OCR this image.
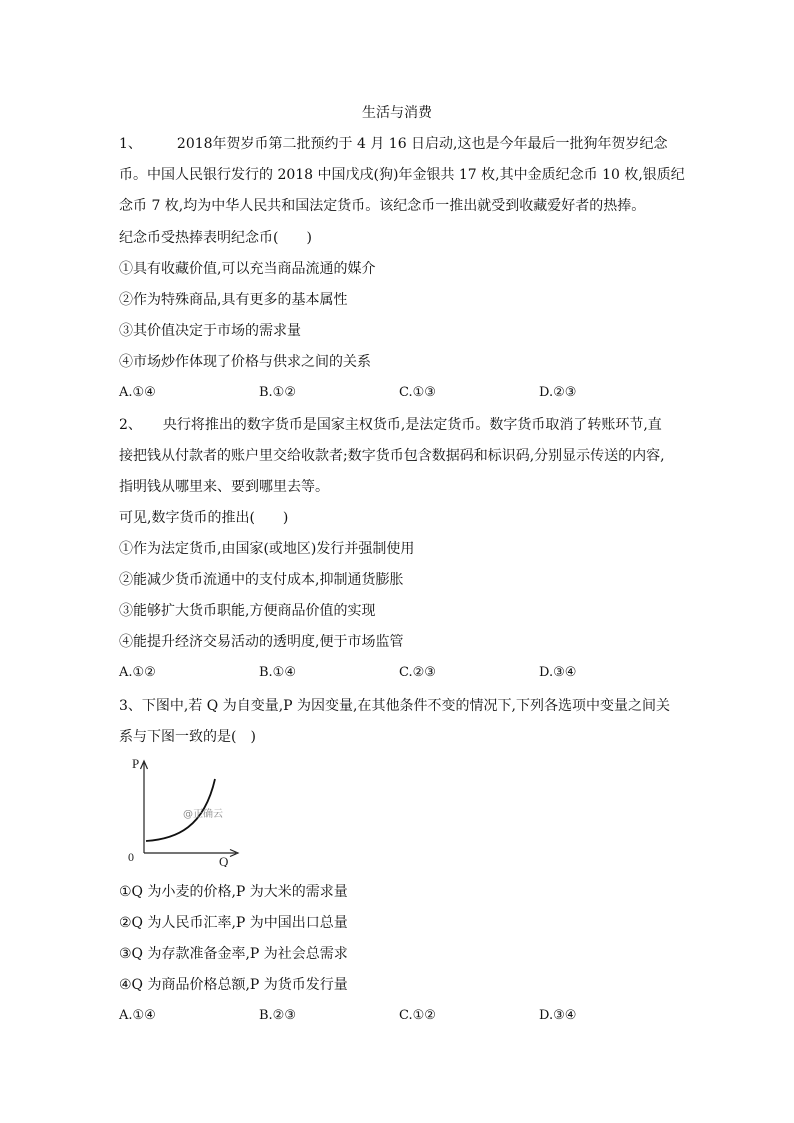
生活与消费
1、　　　2018年贺岁币第二批预约于 4 月 16 日启动,这也是今年最后一批狗年贺岁纪念
币。中国人民银行发行的 2018 中国戊戌(狗)年金银共 17 枚,其中金质纪念币 10 枚,银质纪
念币 7 枚,均为中华人民共和国法定货币。该纪念币一推出就受到收藏爱好者的热捧。
纪念币受热捧表明纪念币(　　)
①具有收藏价值,可以充当商品流通的媒介
②作为特殊商品,具有更多的基本属性
③其价值决定于市场的需求量
④市场炒作体现了价格与供求之间的关系
A.①④	B.①②	C.①③	D.②③
2、　　央行将推出的数字货币是国家主权货币,是法定货币。数字货币取消了转账环节,直
接把钱从付款者的账户里交给收款者;数字货币包含数据码和标识码,分别显示传送的内容,
指明钱从哪里来、要到哪里去等。
可见,数字货币的推出(　　)
①作为法定货币,由国家(或地区)发行并强制使用
②能减少货币流通中的支付成本,抑制通货膨胀
③能够扩大货币职能,方便商品价值的实现
④能提升经济交易活动的透明度,便于市场监管
A.①②	B.①④	C.②③	D.③④
3、下图中,若 Q 为自变量,P 为因变量,在其他条件不变的情况下,下列各选项中变量之间关
系与下图一致的是(　)
P
Q
0
@正确云
①Q 为小麦的价格,P 为大米的需求量
②Q 为人民币汇率,P 为中国出口总量
③Q 为存款准备金率,P 为社会总需求
④Q 为商品价格总额,P 为货币发行量
A.①④	B.②③	C.①②	D.③④
